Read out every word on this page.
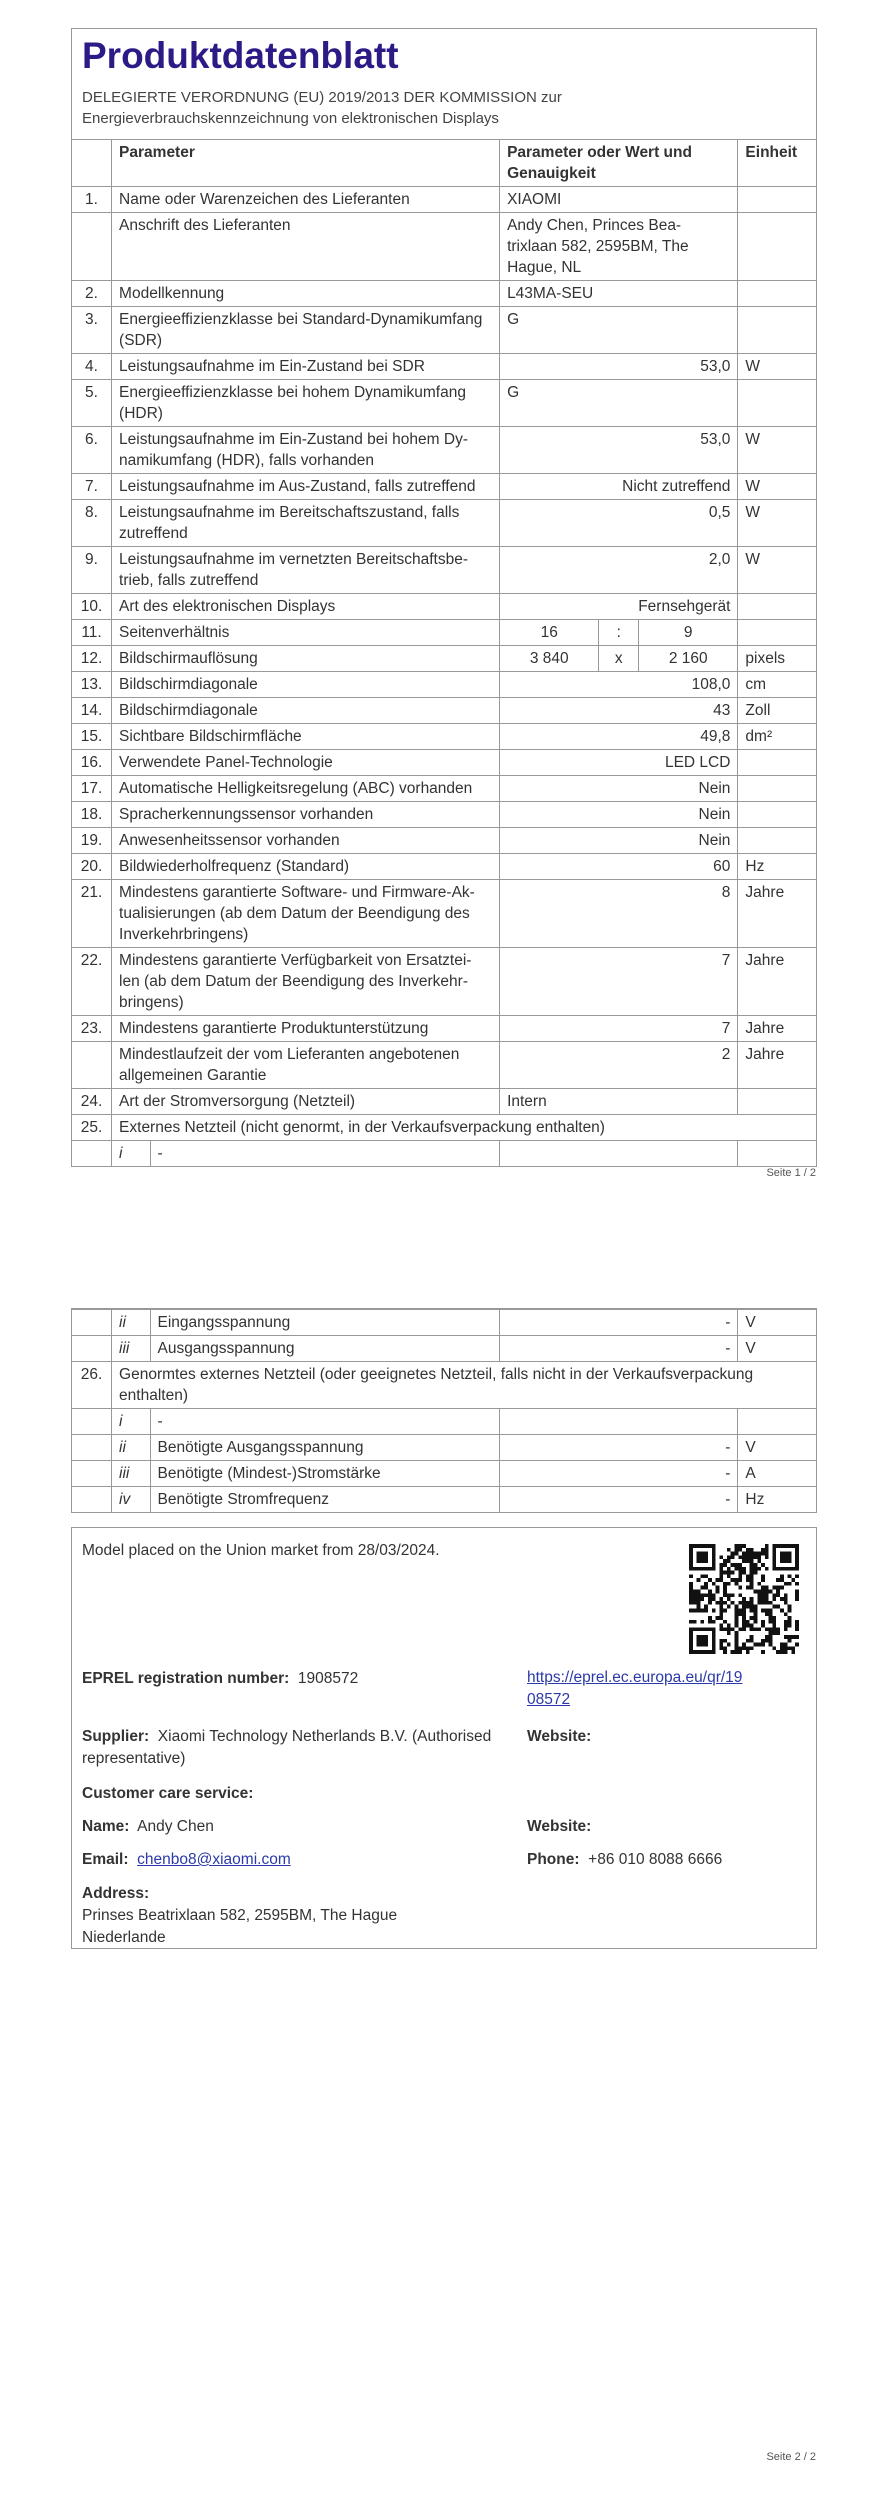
Produktdatenblatt
DELEGIERTE VERORDNUNG (EU) 2019/2013 DER KOMMISSION zur
Energieverbrauchskennzeichnung von elektronischen Displays
	Parameter		Parameter oder Wert und Genauigkeit			Einheit
1.	Name oder Warenzeichen des Lieferanten		XIAOMI			
	Anschrift des Lieferanten		Andy Chen, Princes Bea-trixlaan 582, 2595BM, The Hague, NL			
2.	Modellkennung		L43MA-SEU			
3.	Energieeffizienzklasse bei Standard-Dynamikumfang (SDR)		G			
4.	Leistungsaufnahme im Ein-Zustand bei SDR		53,0			W
5.	Energieeffizienzklasse bei hohem Dynamikumfang (HDR)		G			
6.	Leistungsaufnahme im Ein-Zustand bei hohem Dy-namikumfang (HDR), falls vorhanden		53,0			W
7.	Leistungsaufnahme im Aus-Zustand, falls zutreffend		Nicht zutreffend			W
8.	Leistungsaufnahme im Bereitschaftszustand, falls zutreffend		0,5			W
9.	Leistungsaufnahme im vernetzten Bereitschaftsbe-trieb, falls zutreffend		2,0			W
10.	Art des elektronischen Displays		Fernsehgerät			
11.	Seitenverhältnis		16	:	9	
12.	Bildschirmauflösung		3 840	x	2 160	pixels
13.	Bildschirmdiagonale		108,0			cm
14.	Bildschirmdiagonale		43			Zoll
15.	Sichtbare Bildschirmfläche		49,8			dm²
16.	Verwendete Panel-Technologie		LED LCD			
17.	Automatische Helligkeitsregelung (ABC) vorhanden		Nein			
18.	Spracherkennungssensor vorhanden		Nein			
19.	Anwesenheitssensor vorhanden		Nein			
20.	Bildwiederholfrequenz (Standard)		60			Hz
21.	Mindestens garantierte Software- und Firmware-Ak-tualisierungen (ab dem Datum der Beendigung des Inverkehrbringens)		8			Jahre
22.	Mindestens garantierte Verfügbarkeit von Ersatztei-len (ab dem Datum der Beendigung des Inverkehr-bringens)		7			Jahre
23.	Mindestens garantierte Produktunterstützung		7			Jahre
	Mindestlaufzeit der vom Lieferanten angebotenen allgemeinen Garantie		2			Jahre
24.	Art der Stromversorgung (Netzteil)		Intern			
25.	Externes Netzteil (nicht genormt, in der Verkaufsverpackung enthalten)					
	i	-				
Seite 1 / 2
	ii	Eingangsspannung	-	V
	iii	Ausgangsspannung	-	V
26.	Genormtes externes Netzteil (oder geeignetes Netzteil, falls nicht in der Verkaufsverpackung enthalten)			
	i	-		
	ii	Benötigte Ausgangsspannung	-	V
	iii	Benötigte (Mindest-)Stromstärke	-	A
	iv	Benötigte Stromfrequenz	-	Hz
Model placed on the Union market from 28/03/2024.
EPREL registration number: 1908572	https://eprel.ec.europa.eu/qr/19
08572
Supplier: Xiaomi Technology Netherlands B.V. (Authorised
representative)
Website:
Customer care service:
Name: Andy Chen	Website:
Email: chenbo8@xiaomi.com	Phone: +86 010 8088 6666
Address:
Prinses Beatrixlaan 582, 2595BM, The Hague
Niederlande
Seite 2 / 2
